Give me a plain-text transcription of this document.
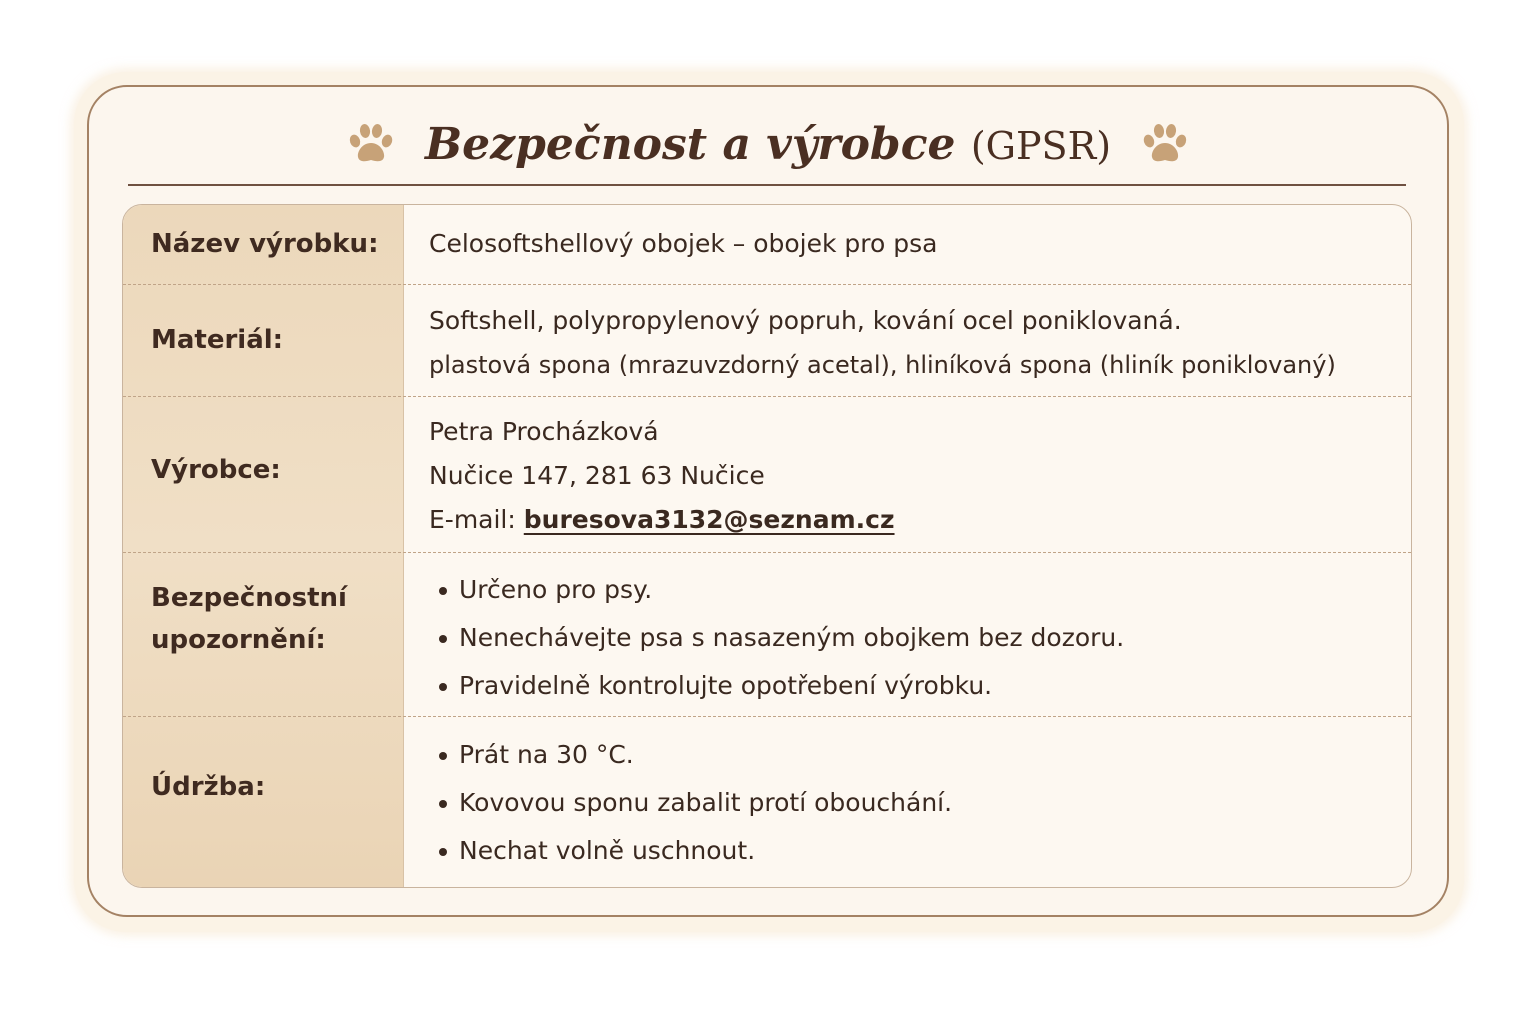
Bezpečnost a výrobce (GPSR)
Název výrobku: Celosoftshellový obojek – obojek pro psa
Materiál:
Softshell, polypropylenový popruh, kování ocel poniklovaná.
plastová spona (mrazuvzdorný acetal), hliníková spona (hliník poniklovaný)
Výrobce:
Petra Procházková
Nučice 147, 281 63 Nučice
E-mail: buresova3132@seznam.cz
Bezpečnostní
upozornění:
Určeno pro psy.
Nenechávejte psa s nasazeným obojkem bez dozoru.
Pravidelně kontrolujte opotřebení výrobku.
Údržba:
Prát na 30 °C.
Kovovou sponu zabalit protí obouchání.
Nechat volně uschnout.
